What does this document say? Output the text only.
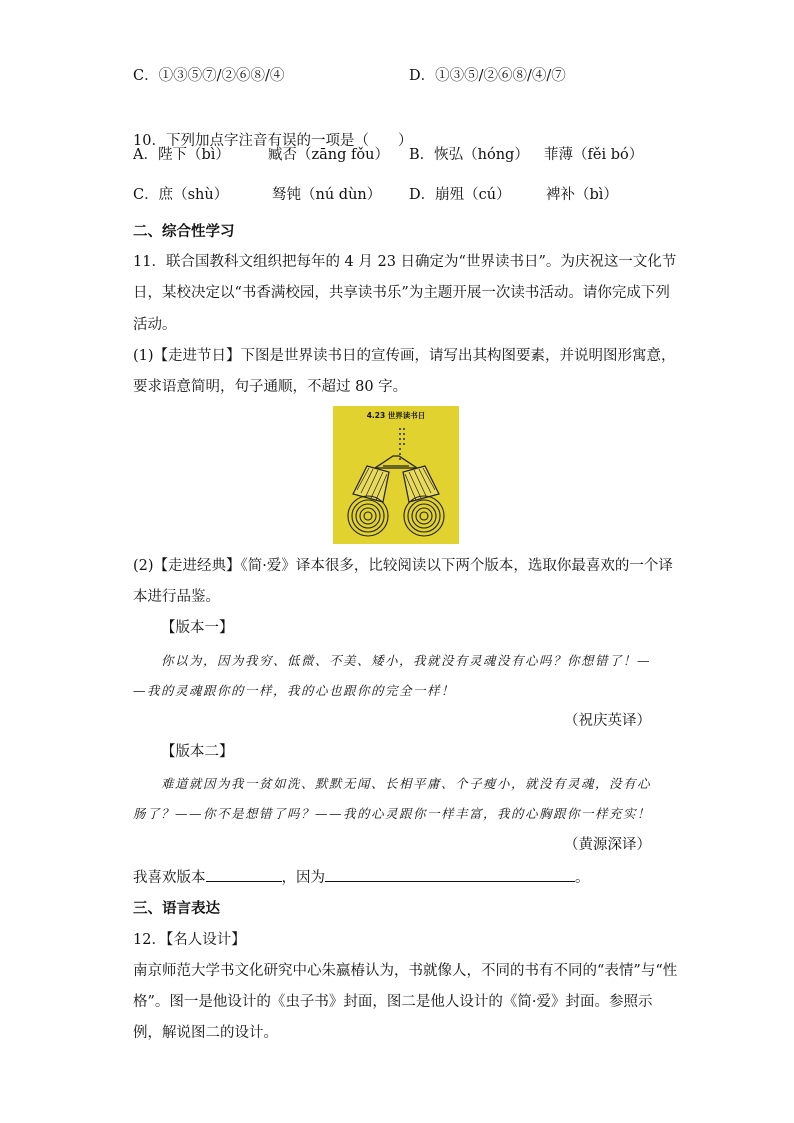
C．①③⑤⑦/②⑥⑧/④	D．①③⑤/②⑥⑧/④/⑦
10．下列加点字注音有误的一项是（　　）
A．陛下（bì）	臧否（zāng fǒu） B．恢弘（hóng） 菲薄（fěi bó）
C．庶（shù）	驽钝（nú dùn） D．崩殂（cú） 裨补（bì）
二、综合性学习
11．联合国教科文组织把每年的 4 月 23 日确定为“世界读书日”。为庆祝这一文化节
日，某校决定以“书香满校园，共享读书乐”为主题开展一次读书活动。请你完成下列
活动。
(1)【走进节日】下图是世界读书日的宣传画，请写出其构图要素，并说明图形寓意，
要求语意简明，句子通顺，不超过 80 字。
4.23 世界读书日
(2)【走进经典】《简·爱》译本很多，比较阅读以下两个版本，选取你最喜欢的一个译
本进行品鉴。
【版本一】
你以为，因为我穷、低微、不美、矮小，我就没有灵魂没有心吗？你想错了！—
—我的灵魂跟你的一样，我的心也跟你的完全一样！
（祝庆英译）
【版本二】
难道就因为我一贫如洗、默默无闻、长相平庸、个子瘦小，就没有灵魂，没有心
肠了？——你不是想错了吗？——我的心灵跟你一样丰富，我的心胸跟你一样充实！
（黄源深译）
我喜欢版本	，因为	。
三、语言表达
12．【名人设计】
南京师范大学书文化研究中心朱嬴椿认为，书就像人，不同的书有不同的“表情”与“性
格”。图一是他设计的《虫子书》封面，图二是他人设计的《简·爱》封面。参照示
例，解说图二的设计。
